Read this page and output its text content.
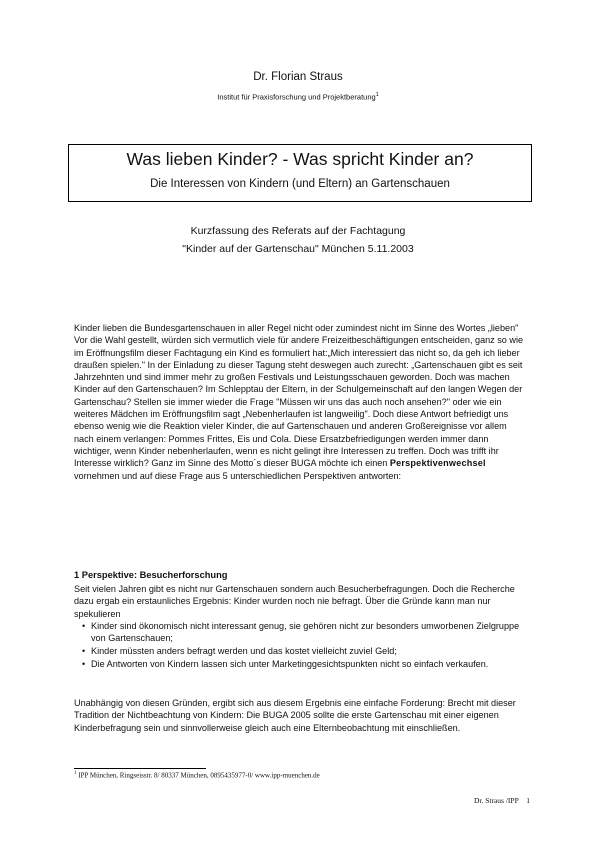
Dr. Florian Straus
Institut für Praxisforschung und Projektberatung$^1$
Was lieben Kinder? - Was spricht Kinder an?
Die Interessen von Kindern (und Eltern) an Gartenschauen
Kurzfassung des Referats auf der Fachtagung
"Kinder auf der Gartenschau" München 5.11.2003
Kinder lieben die Bundesgartenschauen in aller Regel nicht oder zumindest nicht im Sinne des Wortes „lieben" Vor die Wahl gestellt, würden sich vermutlich viele für andere Freizeitbeschäftigungen entscheiden, ganz so wie im Eröffnungsfilm dieser Fachtagung ein Kind es formuliert hat:„Mich interessiert das nicht so, da geh ich lieber draußen spielen." In der Einladung zu dieser Tagung steht deswegen auch zurecht: „Gartenschauen gibt es seit Jahrzehnten und sind immer mehr zu großen Festivals und Leistungsschauen geworden. Doch was machen Kinder auf den Gartenschauen? Im Schlepptau der Eltern, in der Schulgemeinschaft auf den langen Wegen der Gartenschau? Stellen sie immer wieder die Frage "Müssen wir uns das auch noch ansehen?" oder wie ein weiteres Mädchen im Eröffnungsfilm sagt „Nebenherlaufen ist langweilig". Doch diese Antwort befriedigt uns ebenso wenig wie die Reaktion vieler Kinder, die auf Gartenschauen und anderen Großereignisse vor allem nach einem verlangen: Pommes Frittes, Eis und Cola. Diese Ersatzbefriedigungen werden immer dann wichtiger, wenn Kinder nebenherlaufen, wenn es nicht gelingt ihre Interessen zu treffen. Doch was trifft ihr Interesse wirklich? Ganz im Sinne des Motto´s dieser BUGA möchte ich einen Perspektivenwechsel vornehmen und auf diese Frage aus 5 unterschiedlichen Perspektiven antworten:
1 Perspektive: Besucherforschung
Seit vielen Jahren gibt es nicht nur Gartenschauen sondern auch Besucherbefragungen. Doch die Recherche dazu ergab ein erstaunliches Ergebnis: Kinder wurden noch nie befragt. Über die Gründe kann man nur spekulieren
• Kinder sind ökonomisch nicht interessant genug, sie gehören nicht zur besonders umworbenen Zielgruppe von Gartenschauen;
• Kinder müssten anders befragt werden und das kostet vielleicht zuviel Geld;
• Die Antworten von Kindern lassen sich unter Marketinggesichtspunkten nicht so einfach verkaufen.
Unabhängig von diesen Gründen, ergibt sich aus diesem Ergebnis eine einfache Forderung: Brecht mit dieser Tradition der Nichtbeachtung von Kindern: Die BUGA 2005 sollte die erste Gartenschau mit einer eigenen Kinderbefragung sein und sinnvollerweise gleich auch eine Elternbeobachtung mit einschließen.
$^1$ IPP München, Ringseisstr. 8/ 80337 München, 0895435977-0/ www.ipp-muenchen.de
Dr. Straus /IPP 1
